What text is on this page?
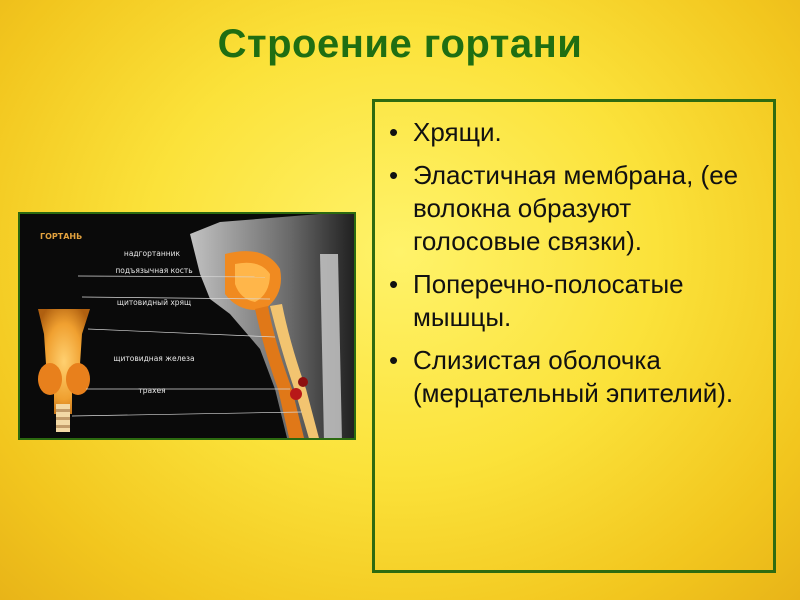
Строение гортани
ГОРТАНЬ
надгортанник
подъязычная кость
щитовидный хрящ
щитовидная железа
трахея
• Хрящи.
• Эластичная мембрана, (ее волокна образуют голосовые связки).
• Поперечно-полосатые мышцы.
• Слизистая оболочка (мерцательный эпителий).
